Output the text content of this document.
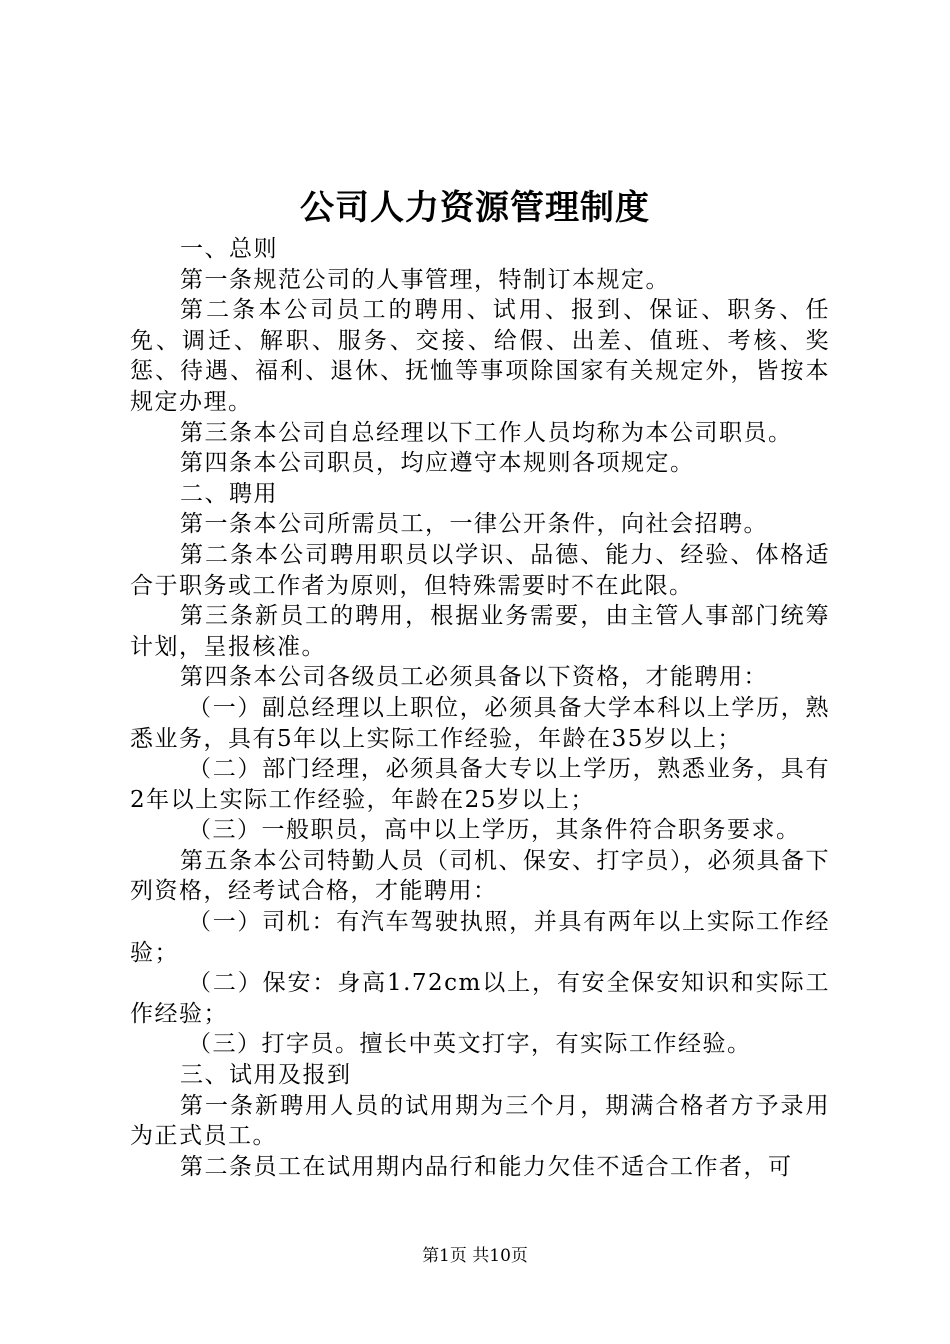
公司人力资源管理制度

一、总则

第一条规范公司的人事管理，特制订本规定。

第二条本公司员工的聘用、试用、报到、保证、职务、任免、调迁、解职、服务、交接、给假、出差、值班、考核、奖惩、待遇、福利、退休、抚恤等事项除国家有关规定外，皆按本规定办理。

第三条本公司自总经理以下工作人员均称为本公司职员。

第四条本公司职员，均应遵守本规则各项规定。

二、聘用

第一条本公司所需员工，一律公开条件，向社会招聘。

第二条本公司聘用职员以学识、品德、能力、经验、体格适合于职务或工作者为原则，但特殊需要时不在此限。

第三条新员工的聘用，根据业务需要，由主管人事部门统筹计划，呈报核准。

第四条本公司各级员工必须具备以下资格，才能聘用：

（一）副总经理以上职位，必须具备大学本科以上学历，熟悉业务，具有5年以上实际工作经验，年龄在35岁以上；

（二）部门经理，必须具备大专以上学历，熟悉业务，具有2年以上实际工作经验，年龄在25岁以上；

（三）一般职员，高中以上学历，其条件符合职务要求。

第五条本公司特勤人员（司机、保安、打字员），必须具备下列资格，经考试合格，才能聘用：

（一）司机：有汽车驾驶执照，并具有两年以上实际工作经验；

（二）保安：身高1.72cm以上，有安全保安知识和实际工作经验；

（三）打字员。擅长中英文打字，有实际工作经验。

三、试用及报到

第一条新聘用人员的试用期为三个月，期满合格者方予录用为正式员工。

第二条员工在试用期内品行和能力欠佳不适合工作者，可

第1页 共10页
